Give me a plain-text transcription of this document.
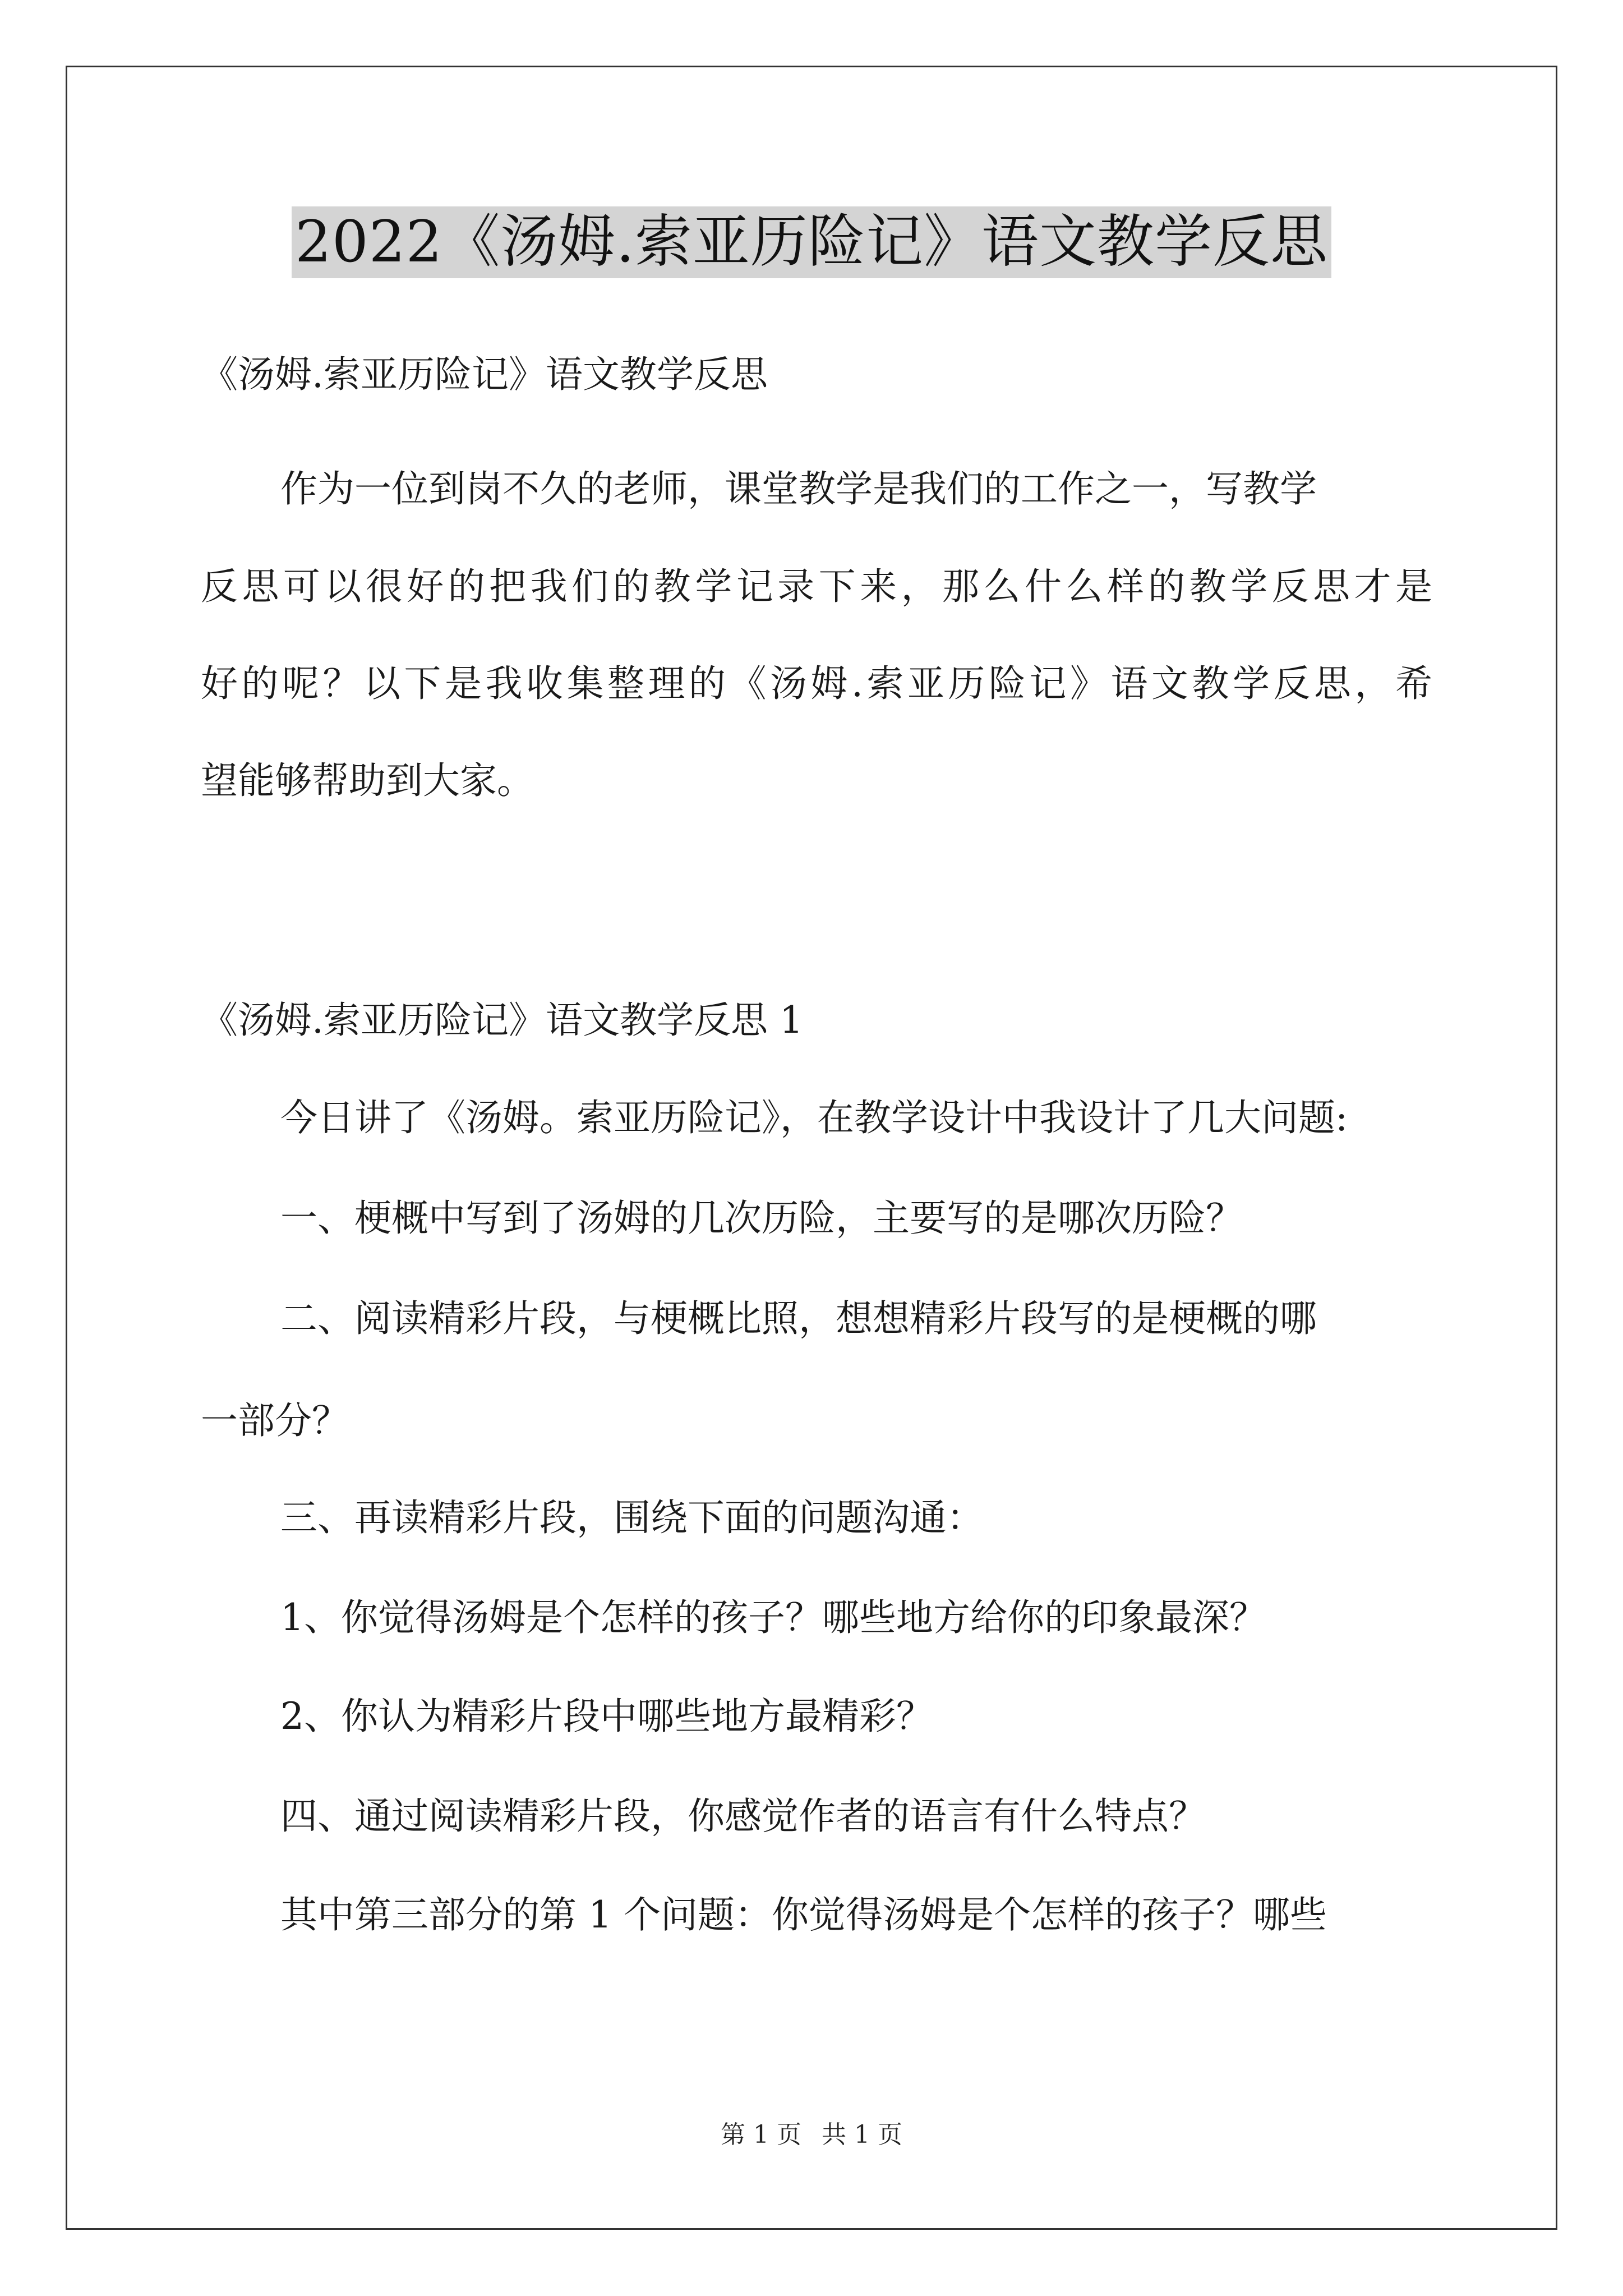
2022《汤姆.索亚历险记》语文教学反思
《汤姆.索亚历险记》语文教学反思
作为一位到岗不久的老师，课堂教学是我们的工作之一，写教学
反思可以很好的把我们的教学记录下来，那么什么样的教学反思才是
好的呢？以下是我收集整理的《汤姆.索亚历险记》语文教学反思，希
望能够帮助到大家。
《汤姆.索亚历险记》语文教学反思 1
今日讲了《汤姆。索亚历险记》，在教学设计中我设计了几大问题:
一、梗概中写到了汤姆的几次历险，主要写的是哪次历险？
二、阅读精彩片段，与梗概比照，想想精彩片段写的是梗概的哪
一部分？
三、再读精彩片段，围绕下面的问题沟通：
1、你觉得汤姆是个怎样的孩子？哪些地方给你的印象最深？
2、你认为精彩片段中哪些地方最精彩？
四、通过阅读精彩片段，你感觉作者的语言有什么特点？
其中第三部分的第 1 个问题：你觉得汤姆是个怎样的孩子？哪些
第 1 页 共 1 页
